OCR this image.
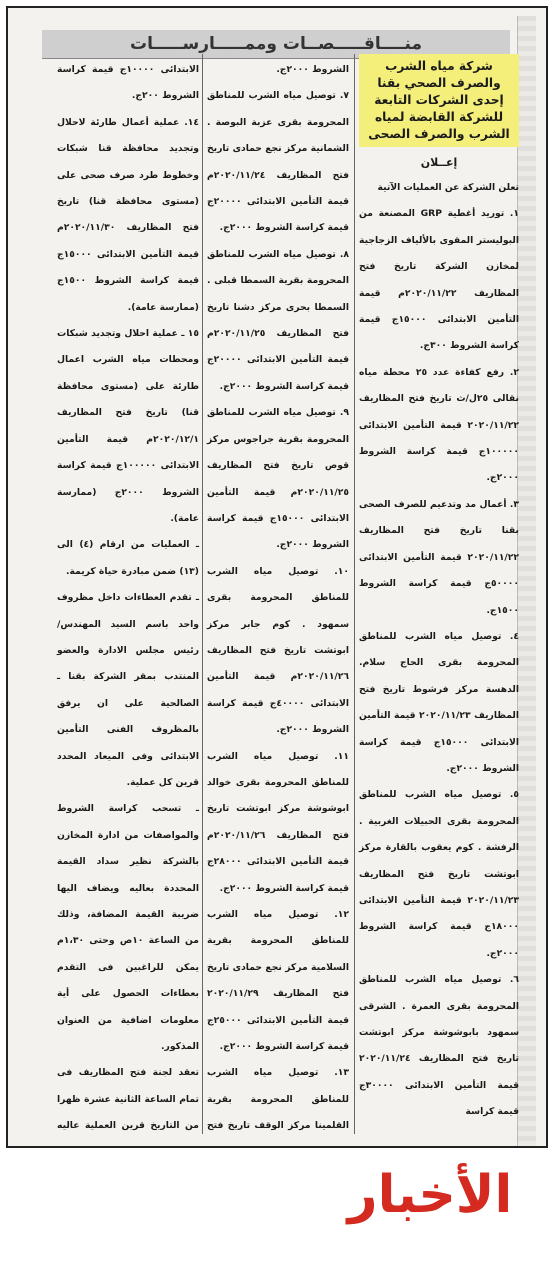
منــــاقـــــصــات وممـــــارســـــات
شركة مياه الشرب والصرف الصحي بقنا إحدى الشركات التابعة للشركة القابضة لمياه الشرب والصرف الصحى

إعــلان

تعلن الشركة عن العمليات الآتية

١. توريد أغطية GRP المصنعة من البوليستر المقوى بالألياف الزجاجية لمخازن الشركة تاريخ فتح المظاريف ٢٠٢٠/١١/٢٢م قيمة التأمين الابتدائى ١٥٠٠٠ج قيمة كراسة الشروط ٣٠٠ج.

٢. رفع كفاءة عدد ٢٥ محطة مياه نقالى ٢٥ل/ث تاريخ فتح المظاريف ٢٠٢٠/١١/٢٢ قيمة التأمين الابتدائى ١٠٠٠٠٠ج قيمة كراسة الشروط ٢٠٠٠ج.

٣. أعمال مد وتدعيم للصرف الصحى بقنا تاريخ فتح المظاريف ٢٠٢٠/١١/٢٢ قيمة التأمين الابتدائى ٥٠٠٠٠ج قيمة كراسة الشروط ١٥٠٠ج.

٤. توصيل مياه الشرب للمناطق المحرومة بقرى الحاج سلام. الدهسة مركز فرشوط تاريخ فتح المظاريف ٢٠٢٠/١١/٢٣ قيمة التأمين الابتدائى ١٥٠٠٠ج قيمة كراسة الشروط ٢٠٠٠ج.

٥. توصيل مياه الشرب للمناطق المحرومة بقرى الحبيلات الغربية . الرفشة . كوم يعقوب بالقارة مركز ابوتشت تاريخ فتح المظاريف ٢٠٢٠/١١/٢٣ قيمة التأمين الابتدائى ١٨٠٠٠ج قيمة كراسة الشروط ٢٠٠٠ج.

٦. توصيل مياه الشرب للمناطق المحرومة بقرى العمرة . الشرقى سمهود بابوشوشة مركز ابوتشت تاريخ فتح المظاريف ٢٠٢٠/١١/٢٤ قيمة التأمين الابتدائى ٣٠٠٠٠ج قيمة كراسة

الشروط ٢٠٠٠ج.

٧. توصيل مياه الشرب للمناطق المحرومة بقرى عزبة البوصة . الشمانية مركز نجع حمادى تاريخ فتح المظاريف ٢٠٢٠/١١/٢٤م قيمة التأمين الابتدائى ٢٠٠٠٠ج قيمة كراسة الشروط ٢٠٠٠ج.

٨. توصيل مياه الشرب للمناطق المحرومة بقرية السمطا قبلى . السمطا بحرى مركز دشنا تاريخ فتح المظاريف ٢٠٢٠/١١/٢٥م قيمة التأمين الابتدائى ٢٠٠٠٠ج قيمة كراسة الشروط ٢٠٠٠ج.

٩. توصيل مياه الشرب للمناطق المحرومة بقرية جراجوس مركز قوص تاريخ فتح المظاريف ٢٠٢٠/١١/٢٥م قيمة التأمين الابتدائى ١٥٠٠٠ج قيمة كراسة الشروط ٢٠٠٠ج.

١٠. توصيل مياه الشرب للمناطق المحرومة بقرى سمهود . كوم جابر مركز ابوتشت تاريخ فتح المظاريف ٢٠٢٠/١١/٢٦م قيمة التأمين الابتدائى ٤٠٠٠٠ج قيمة كراسة الشروط ٢٠٠٠ج.

١١. توصيل مياه الشرب للمناطق المحرومة بقرى خوالد ابوشوشة مركز ابوتشت تاريخ فتح المظاريف ٢٠٢٠/١١/٢٦م قيمة التأمين الابتدائى ٢٨٠٠٠ج قيمة كراسة الشروط ٢٠٠٠ج.

١٢. توصيل مياه الشرب للمناطق المحرومة بقرية السلامية مركز نجع حمادى تاريخ فتح المظاريف ٢٠٢٠/١١/٢٩ قيمة التأمين الابتدائى ٢٥٠٠٠ج قيمة كراسة الشروط ٢٠٠٠ج.

١٣. توصيل مياه الشرب للمناطق المحرومة بقرية القلمينا مركز الوقف تاريخ فتح

الابتدائى ١٠٠٠٠ج قيمة كراسة الشروط ٢٠٠ج.

١٤. عملية أعمال طارئة لاحلال وتجديد محافظة قنا شبكات وخطوط طرد صرف صحى على (مستوى محافظة قنا) تاريخ فتح المظاريف ٢٠٢٠/١١/٣٠م قيمة التأمين الابتدائى ١٥٠٠٠ج قيمة كراسة الشروط ١٥٠٠ج (ممارسة عامة).

١٥ ـ عملية احلال وتجديد شبكات ومحطات مياه الشرب اعمال طارئة على (مستوى محافظة قنا) تاريخ فتح المظاريف ٢٠٢٠/١٢/١م قيمة التأمين الابتدائى ١٠٠٠٠٠ج قيمة كراسة الشروط ٢٠٠٠ج (ممارسة عامة).

ـ العمليات من ارقام (٤) الى (١٣) ضمن مبادرة حياة كريمة.

ـ تقدم العطاءات داخل مظروف واحد باسم السيد المهندس/ رئيس مجلس الادارة والعضو المنتدب بمقر الشركة بقنا ـ الصالحية على ان يرفق بالمظروف الفنى التأمين الابتدائى وفى الميعاد المحدد قرين كل عملية.

ـ تسحب كراسة الشروط والمواصفات من ادارة المخازن بالشركة نظير سداد القيمة المحددة بعاليه ويضاف اليها ضريبة القيمة المضافة، وذلك من الساعة ١٠ص وحتى ١،٣٠م يمكن للراغبين فى التقدم بعطاءات الحصول على أية معلومات اضافية من العنوان المذكور.

تعقد لجنة فتح المظاريف فى تمام الساعة الثانية عشرة ظهرا من التاريخ قرين العملية عاليه

الأخبار
